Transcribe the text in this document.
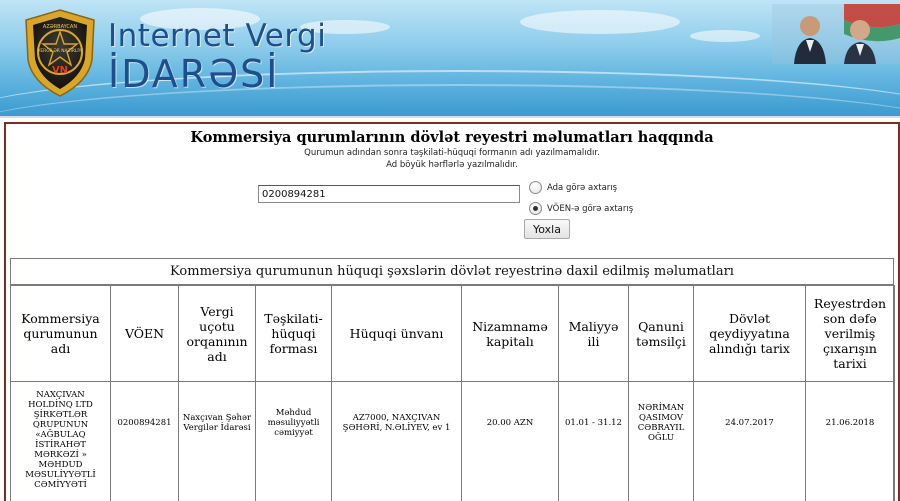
AZƏRBAYCAN
VERGİLƏR NAZİRLİYİ
VN
Internet Vergi
İDARƏSİ
Kommersiya qurumlarının dövlət reyestri məlumatları haqqında
Qurumun adından sonra təşkilati-hüquqi formanın adı yazılmamalıdır.
Ad böyük hərflərlə yazılmalıdır.
0200894281
Ada görə axtarış
VÖEN-ə görə axtarış
Yoxla
Kommersiya qurumunun hüquqi şəxslərin dövlət reyestrinə daxil edilmiş məlumatları
Kommersiya qurumunun adı	VÖEN	Vergi uçotu orqanının adı	Təşkilati-hüquqi forması	Hüquqi ünvanı	Nizamnamə kapitalı	Maliyyə ili	Qanuni təmsilçi	Dövlət qeydiyyatına alındığı tarix	Reyestrdən son dəfə verilmiş çıxarışın tarixi
NAXÇIVAN HOLDİNQ LTD ŞİRKƏTLƏR QRUPUNUN «AĞBULAQ İSTİRAHƏT MƏRKƏZİ » MƏHDUD MƏSULİYYƏTLİ CƏMİYYƏTİ	0200894281	Naxçıvan Şəhər Vergilər İdarəsi	Məhdud məsuliyyətli cəmiyyət	AZ7000, NAXÇIVAN ŞƏHƏRİ, N.ƏLİYEV, ev 1	20.00 AZN	01.01 - 31.12	NƏRİMAN QASIMOV CƏBRAYIL OĞLU	24.07.2017	21.06.2018
